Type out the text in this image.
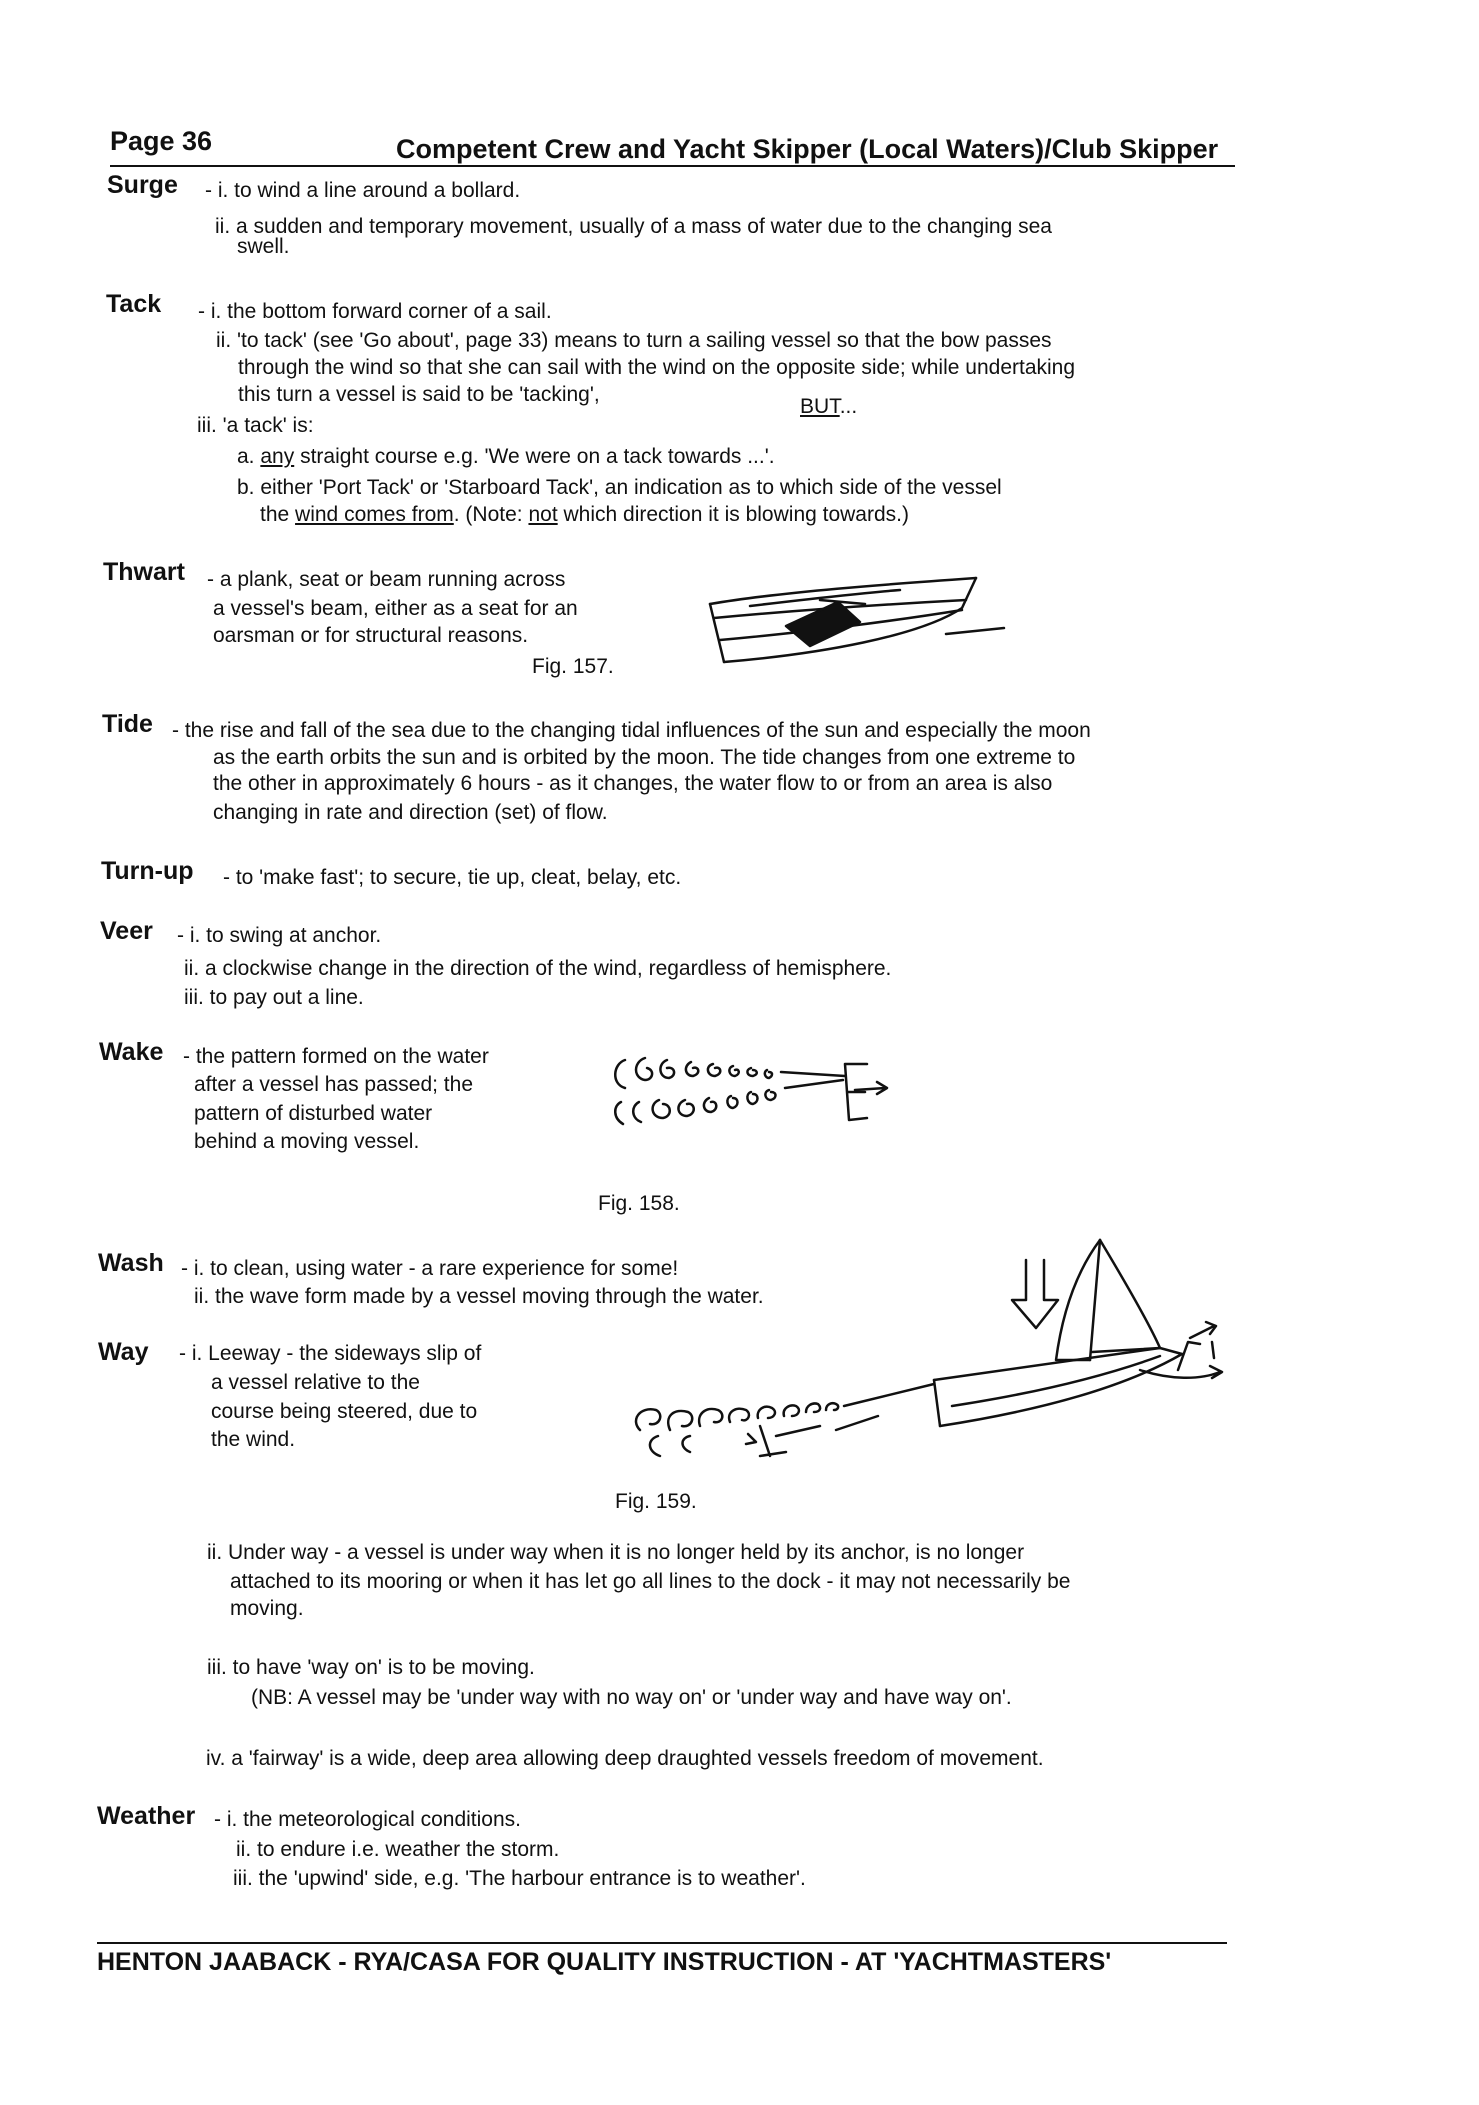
Page 36	Competent Crew and Yacht Skipper (Local Waters)/Club Skipper
Surge - i. to wind a line around a bollard.
ii. a sudden and temporary movement, usually of a mass of water due to the changing sea
swell.
Tack - i. the bottom forward corner of a sail.
ii. 'to tack' (see 'Go about', page 33) means to turn a sailing vessel so that the bow passes
through the wind so that she can sail with the wind on the opposite side; while undertaking
this turn a vessel is said to be 'tacking',
BUT...
iii. 'a tack' is:
a. any straight course e.g. 'We were on a tack towards ...'.
b. either 'Port Tack' or 'Starboard Tack', an indication as to which side of the vessel
the wind comes from. (Note: not which direction it is blowing towards.)
Thwart - a plank, seat or beam running across
a vessel's beam, either as a seat for an
oarsman or for structural reasons.
Fig. 157.
Tide - the rise and fall of the sea due to the changing tidal influences of the sun and especially the moon
as the earth orbits the sun and is orbited by the moon. The tide changes from one extreme to
the other in approximately 6 hours - as it changes, the water flow to or from an area is also
changing in rate and direction (set) of flow.
Turn-up - to 'make fast'; to secure, tie up, cleat, belay, etc.
Veer - i. to swing at anchor.
ii. a clockwise change in the direction of the wind, regardless of hemisphere.
iii. to pay out a line.
Wake - the pattern formed on the water
after a vessel has passed; the
pattern of disturbed water
behind a moving vessel.
Fig. 158.
Wash - i. to clean, using water - a rare experience for some!
ii. the wave form made by a vessel moving through the water.
Way - i. Leeway - the sideways slip of
a vessel relative to the
course being steered, due to
the wind.
Fig. 159.
ii. Under way - a vessel is under way when it is no longer held by its anchor, is no longer
attached to its mooring or when it has let go all lines to the dock - it may not necessarily be
moving.
iii. to have 'way on' is to be moving.
(NB: A vessel may be 'under way with no way on' or 'under way and have way on'.
iv. a 'fairway' is a wide, deep area allowing deep draughted vessels freedom of movement.
Weather - i. the meteorological conditions.
ii. to endure i.e. weather the storm.
iii. the 'upwind' side, e.g. 'The harbour entrance is to weather'.
HENTON JAABACK - RYA/CASA FOR QUALITY INSTRUCTION - AT 'YACHTMASTERS'
